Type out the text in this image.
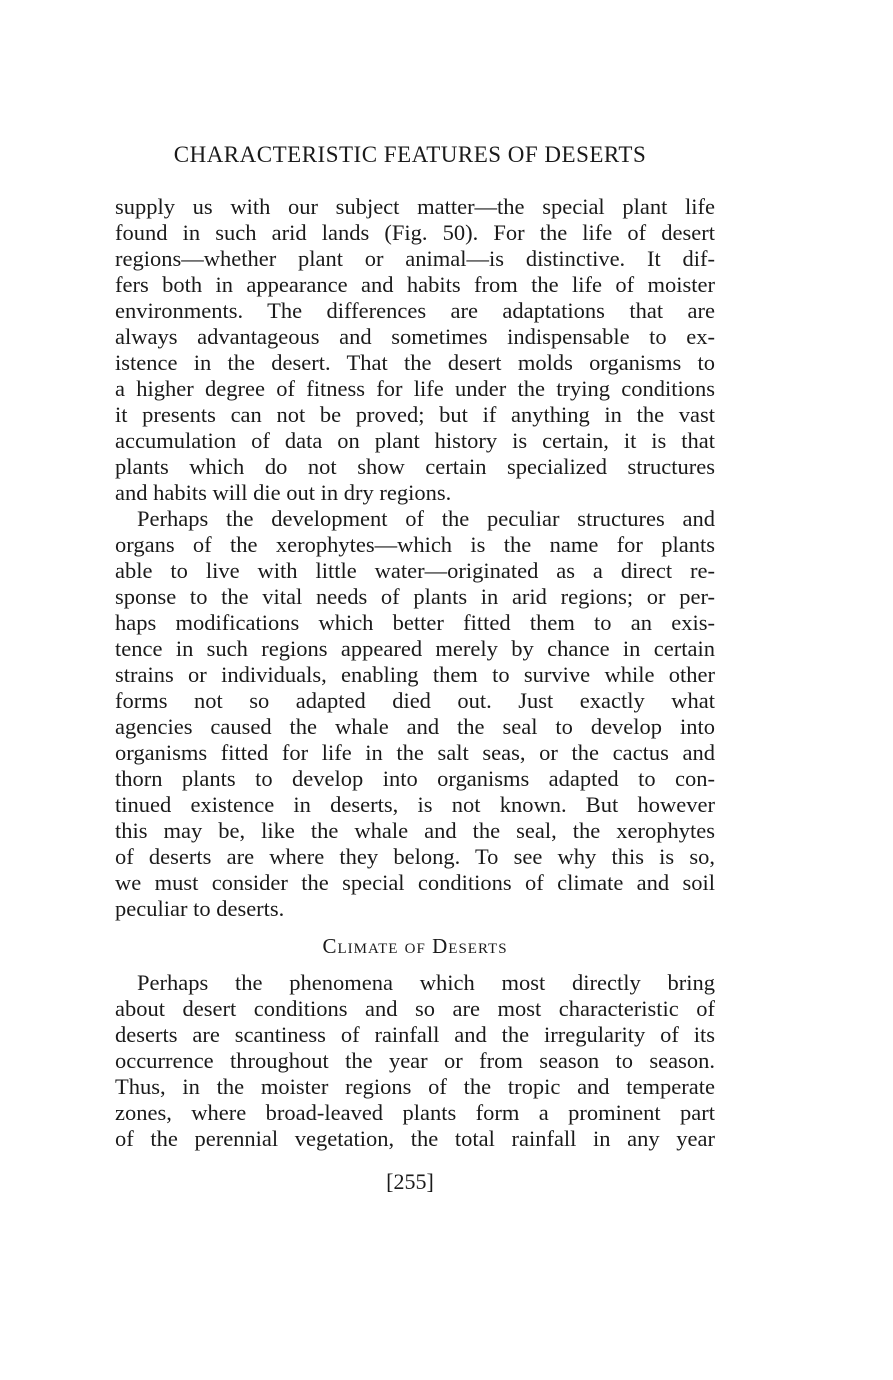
CHARACTERISTIC FEATURES OF DESERTS
supply us with our subject matter—the special plant life
found in such arid lands (Fig. 50). For the life of desert
regions—whether plant or animal—is distinctive. It dif-
fers both in appearance and habits from the life of moister
environments. The differences are adaptations that are
always advantageous and sometimes indispensable to ex-
istence in the desert. That the desert molds organisms to
a higher degree of fitness for life under the trying conditions
it presents can not be proved; but if anything in the vast
accumulation of data on plant history is certain, it is that
plants which do not show certain specialized structures
and habits will die out in dry regions.
Perhaps the development of the peculiar structures and
organs of the xerophytes—which is the name for plants
able to live with little water—originated as a direct re-
sponse to the vital needs of plants in arid regions; or per-
haps modifications which better fitted them to an exis-
tence in such regions appeared merely by chance in certain
strains or individuals, enabling them to survive while other
forms not so adapted died out. Just exactly what
agencies caused the whale and the seal to develop into
organisms fitted for life in the salt seas, or the cactus and
thorn plants to develop into organisms adapted to con-
tinued existence in deserts, is not known. But however
this may be, like the whale and the seal, the xerophytes
of deserts are where they belong. To see why this is so,
we must consider the special conditions of climate and soil
peculiar to deserts.
Climate of Deserts
Perhaps the phenomena which most directly bring
about desert conditions and so are most characteristic of
deserts are scantiness of rainfall and the irregularity of its
occurrence throughout the year or from season to season.
Thus, in the moister regions of the tropic and temperate
zones, where broad-leaved plants form a prominent part
of the perennial vegetation, the total rainfall in any year
[255]
